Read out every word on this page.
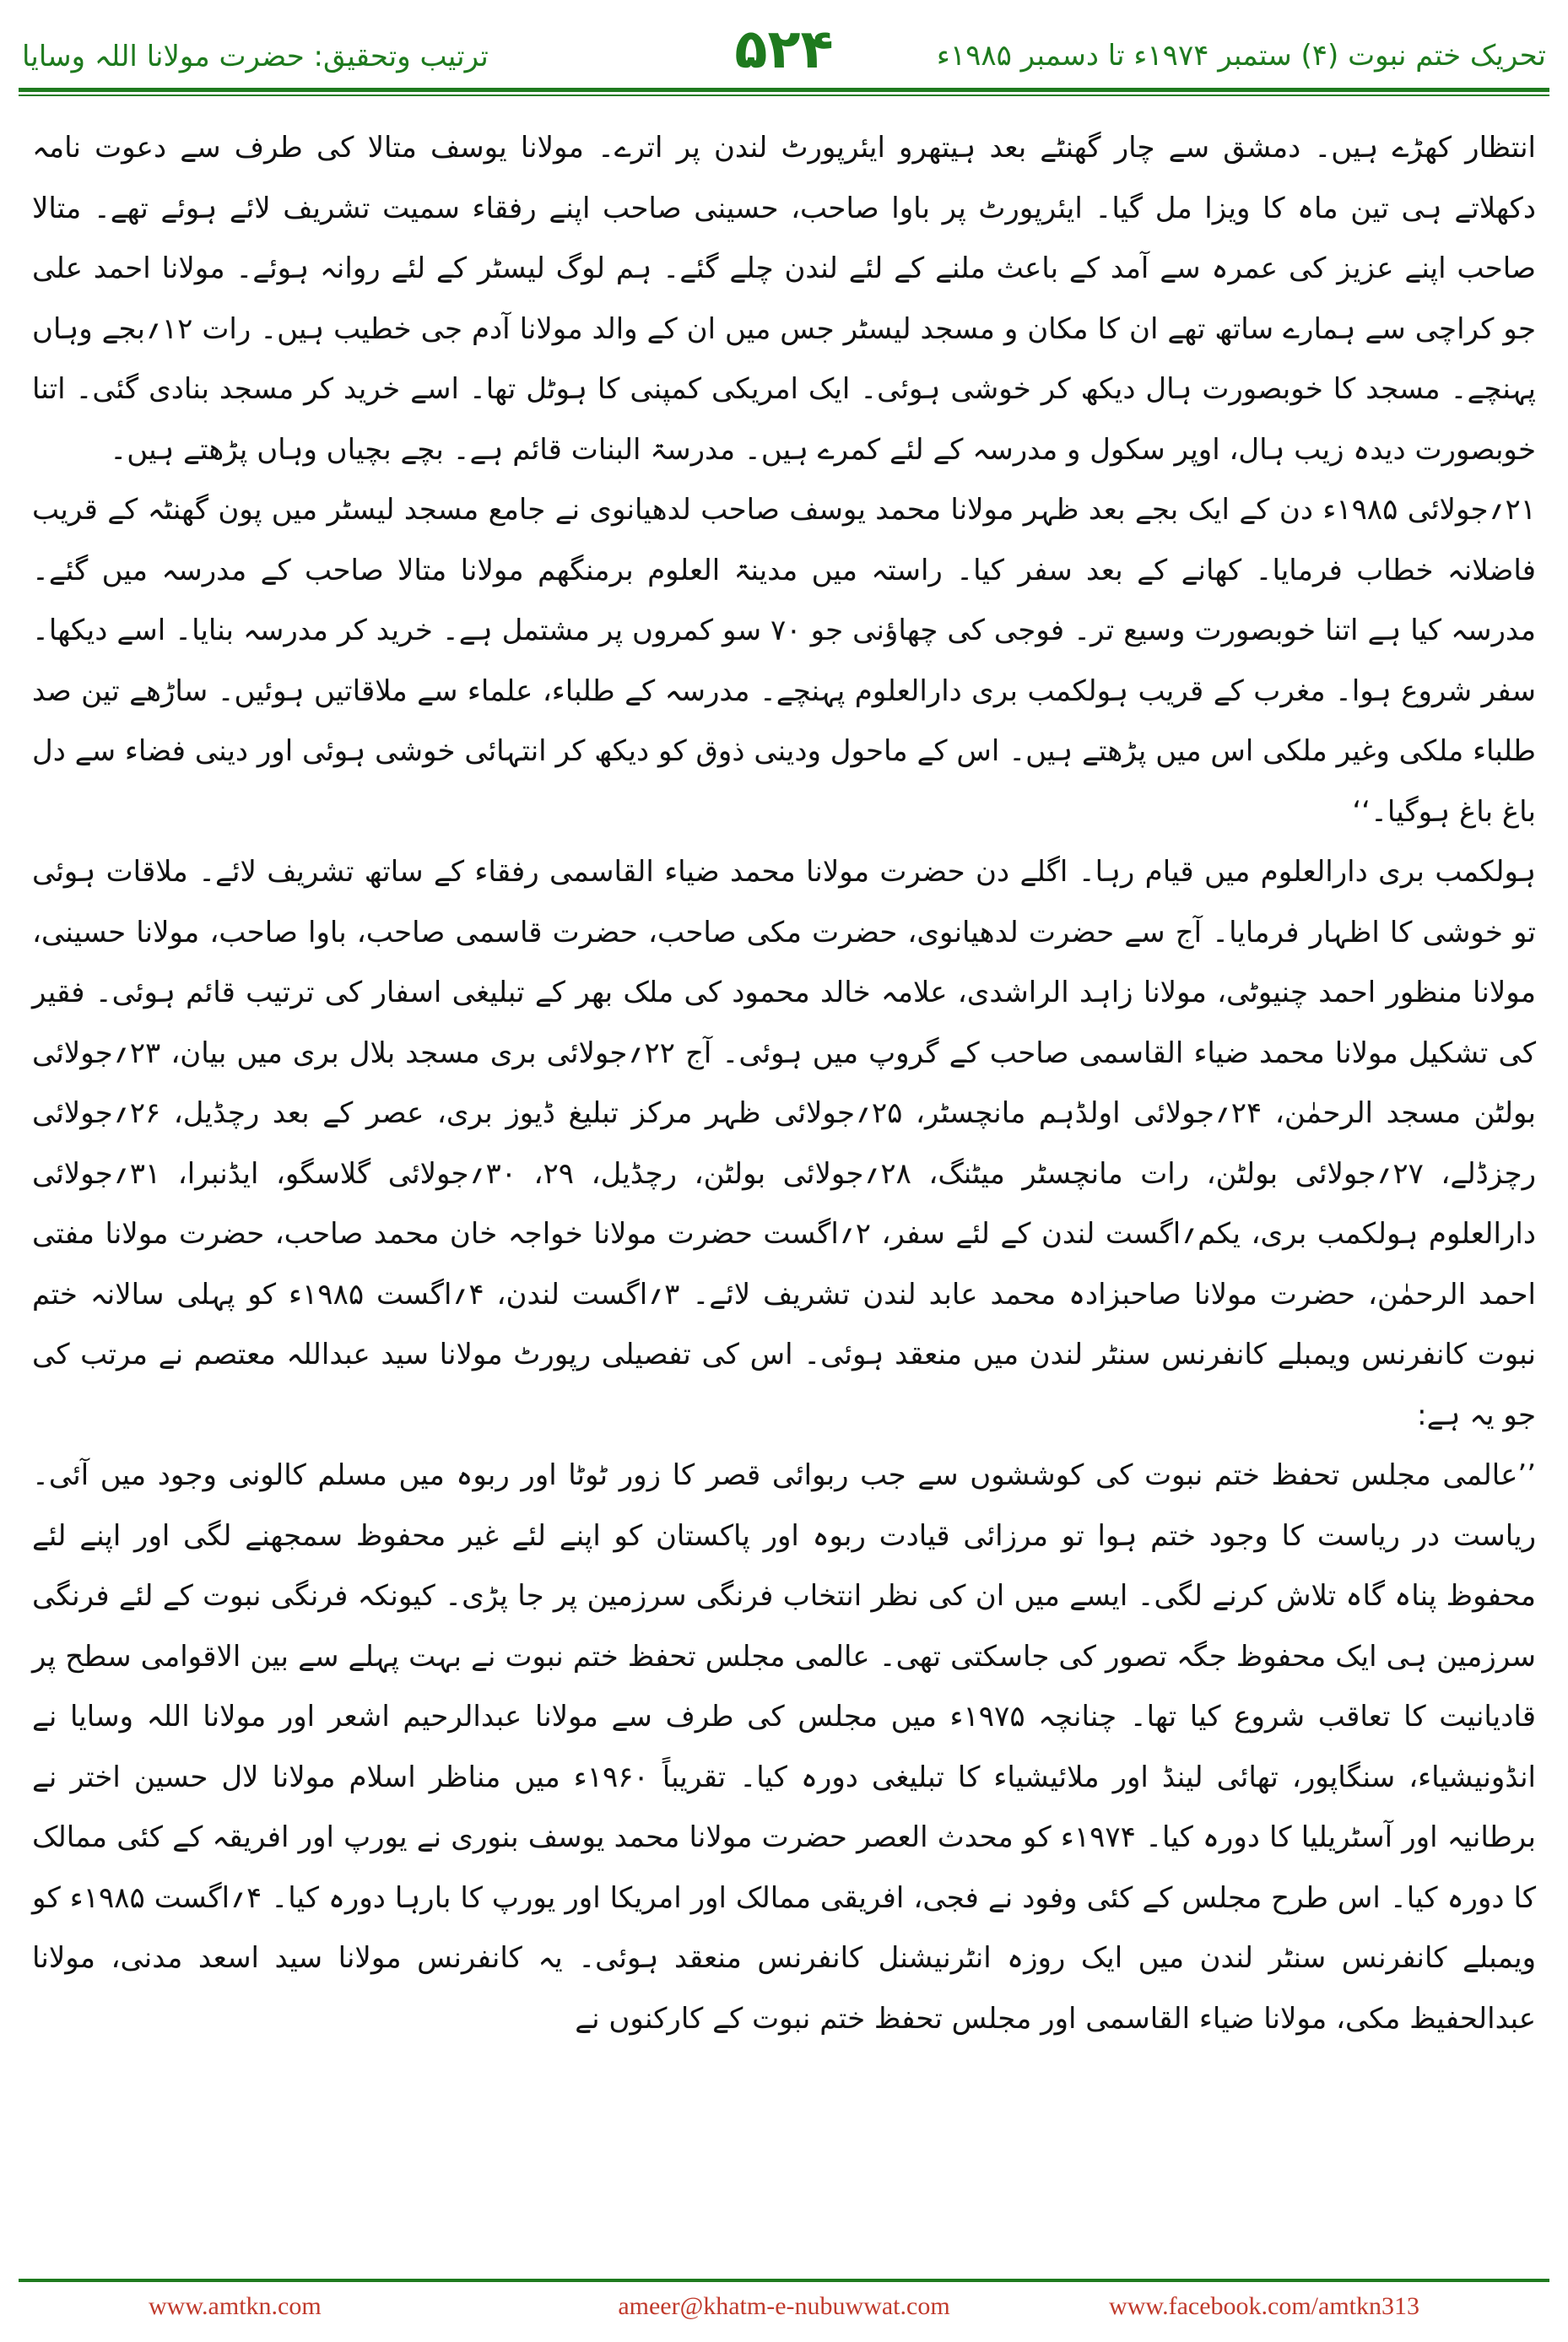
ترتیب وتحقیق: حضرت مولانا اللہ وسایا	۵۲۴	تحریک ختم نبوت (۴) ستمبر ۱۹۷۴ء تا دسمبر ۱۹۸۵ء

انتظار کھڑے ہیں۔ دمشق سے چار گھنٹے بعد ہیتھرو ایئرپورٹ لندن پر اترے۔ مولانا یوسف متالا کی طرف سے دعوت نامہ دکھلاتے ہی تین ماہ کا ویزا مل گیا۔ ایئرپورٹ پر باوا صاحب، حسینی صاحب اپنے رفقاء سمیت تشریف لائے ہوئے تھے۔ متالا صاحب اپنے عزیز کی عمرہ سے آمد کے باعث ملنے کے لئے لندن چلے گئے۔ ہم لوگ لیسٹر کے لئے روانہ ہوئے۔ مولانا احمد علی جو کراچی سے ہمارے ساتھ تھے ان کا مکان و مسجد لیسٹر جس میں ان کے والد مولانا آدم جی خطیب ہیں۔ رات ۱۲؍بجے وہاں پہنچے۔ مسجد کا خوبصورت ہال دیکھ کر خوشی ہوئی۔ ایک امریکی کمپنی کا ہوٹل تھا۔ اسے خرید کر مسجد بنادی گئی۔ اتنا خوبصورت دیدہ زیب ہال، اوپر سکول و مدرسہ کے لئے کمرے ہیں۔ مدرسۃ البنات قائم ہے۔ بچے بچیاں وہاں پڑھتے ہیں۔

۲۱؍جولائی ۱۹۸۵ء دن کے ایک بجے بعد ظہر مولانا محمد یوسف صاحب لدھیانوی نے جامع مسجد لیسٹر میں پون گھنٹہ کے قریب فاضلانہ خطاب فرمایا۔ کھانے کے بعد سفر کیا۔ راستہ میں مدینۃ العلوم برمنگھم مولانا متالا صاحب کے مدرسہ میں گئے۔ مدرسہ کیا ہے اتنا خوبصورت وسیع تر۔ فوجی کی چھاؤنی جو ۷۰ سو کمروں پر مشتمل ہے۔ خرید کر مدرسہ بنایا۔ اسے دیکھا۔ سفر شروع ہوا۔ مغرب کے قریب ہولکمب بری دارالعلوم پہنچے۔ مدرسہ کے طلباء، علماء سے ملاقاتیں ہوئیں۔ ساڑھے تین صد طلباء ملکی وغیر ملکی اس میں پڑھتے ہیں۔ اس کے ماحول ودینی ذوق کو دیکھ کر انتہائی خوشی ہوئی اور دینی فضاء سے دل باغ باغ ہوگیا۔‘‘

ہولکمب بری دارالعلوم میں قیام رہا۔ اگلے دن حضرت مولانا محمد ضیاء القاسمی رفقاء کے ساتھ تشریف لائے۔ ملاقات ہوئی تو خوشی کا اظہار فرمایا۔ آج سے حضرت لدھیانوی، حضرت مکی صاحب، حضرت قاسمی صاحب، باوا صاحب، مولانا حسینی، مولانا منظور احمد چنیوٹی، مولانا زاہد الراشدی، علامہ خالد محمود کی ملک بھر کے تبلیغی اسفار کی ترتیب قائم ہوئی۔ فقیر کی تشکیل مولانا محمد ضیاء القاسمی صاحب کے گروپ میں ہوئی۔ آج ۲۲؍جولائی بری مسجد بلال بری میں بیان، ۲۳؍جولائی بولٹن مسجد الرحمٰن، ۲۴؍جولائی اولڈہم مانچسٹر، ۲۵؍جولائی ظہر مرکز تبلیغ ڈیوز بری، عصر کے بعد رچڈیل، ۲۶؍جولائی رچزڈلے، ۲۷؍جولائی بولٹن، رات مانچسٹر میٹنگ، ۲۸؍جولائی بولٹن، رچڈیل، ۲۹، ۳۰؍جولائی گلاسگو، ایڈنبرا، ۳۱؍جولائی دارالعلوم ہولکمب بری، یکم؍اگست لندن کے لئے سفر، ۲؍اگست حضرت مولانا خواجہ خان محمد صاحب، حضرت مولانا مفتی احمد الرحمٰن، حضرت مولانا صاحبزادہ محمد عابد لندن تشریف لائے۔ ۳؍اگست لندن، ۴؍اگست ۱۹۸۵ء کو پہلی سالانہ ختم نبوت کانفرنس ویمبلے کانفرنس سنٹر لندن میں منعقد ہوئی۔ اس کی تفصیلی رپورٹ مولانا سید عبداللہ معتصم نے مرتب کی جو یہ ہے:

’’عالمی مجلس تحفظ ختم نبوت کی کوششوں سے جب ربوائی قصر کا زور ٹوٹا اور ربوہ میں مسلم کالونی وجود میں آئی۔ ریاست در ریاست کا وجود ختم ہوا تو مرزائی قیادت ربوہ اور پاکستان کو اپنے لئے غیر محفوظ سمجھنے لگی اور اپنے لئے محفوظ پناہ گاہ تلاش کرنے لگی۔ ایسے میں ان کی نظر انتخاب فرنگی سرزمین پر جا پڑی۔ کیونکہ فرنگی نبوت کے لئے فرنگی سرزمین ہی ایک محفوظ جگہ تصور کی جاسکتی تھی۔ عالمی مجلس تحفظ ختم نبوت نے بہت پہلے سے بین الاقوامی سطح پر قادیانیت کا تعاقب شروع کیا تھا۔ چنانچہ ۱۹۷۵ء میں مجلس کی طرف سے مولانا عبدالرحیم اشعر اور مولانا اللہ وسایا نے انڈونیشیاء، سنگاپور، تھائی لینڈ اور ملائیشیاء کا تبلیغی دورہ کیا۔ تقریباً ۱۹۶۰ء میں مناظر اسلام مولانا لال حسین اختر نے برطانیہ اور آسٹریلیا کا دورہ کیا۔ ۱۹۷۴ء کو محدث العصر حضرت مولانا محمد یوسف بنوری نے یورپ اور افریقہ کے کئی ممالک کا دورہ کیا۔ اس طرح مجلس کے کئی وفود نے فجی، افریقی ممالک اور امریکا اور یورپ کا بارہا دورہ کیا۔ ۴؍اگست ۱۹۸۵ء کو ویمبلے کانفرنس سنٹر لندن میں ایک روزہ انٹرنیشنل کانفرنس منعقد ہوئی۔ یہ کانفرنس مولانا سید اسعد مدنی، مولانا عبدالحفیظ مکی، مولانا ضیاء القاسمی اور مجلس تحفظ ختم نبوت کے کارکنوں نے

www.amtkn.com	ameer@khatm-e-nubuwwat.com	www.facebook.com/amtkn313
